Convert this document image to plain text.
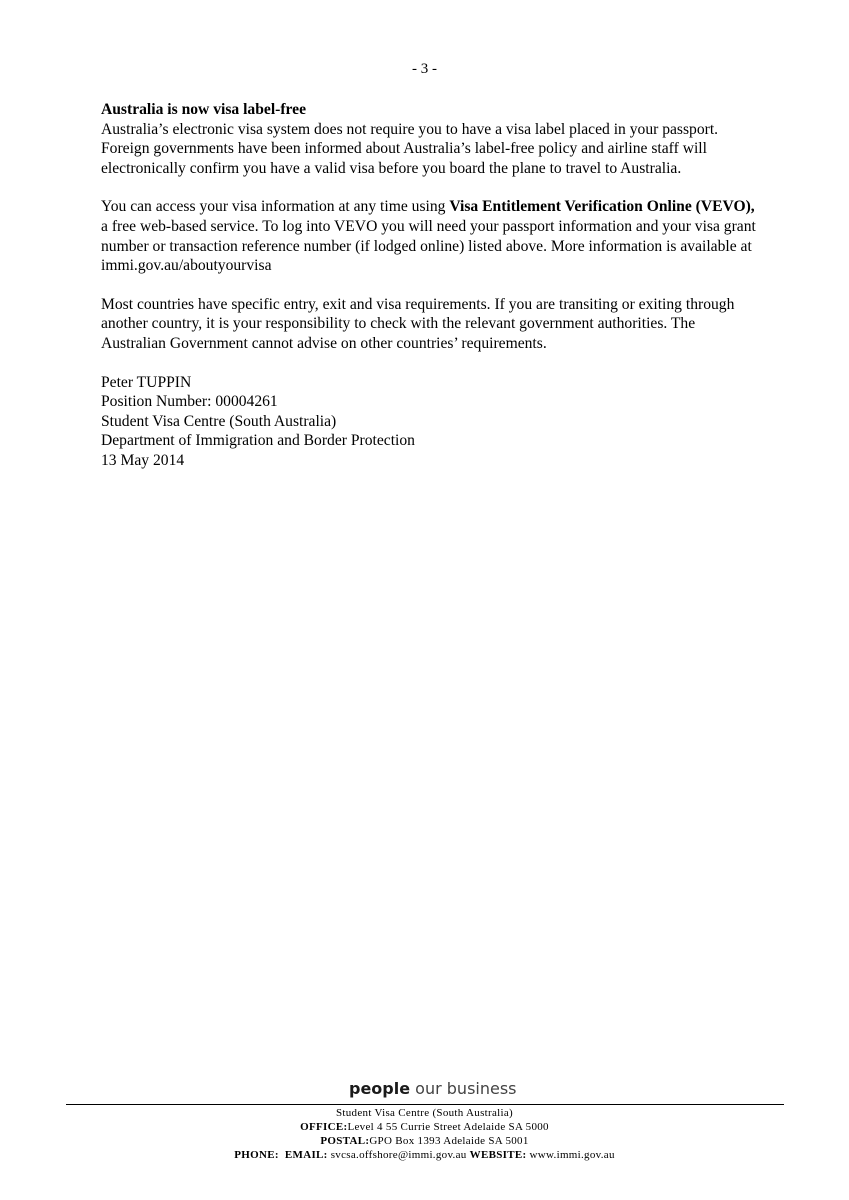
- 3 -

Australia is now visa label-free
Australia’s electronic visa system does not require you to have a visa label placed in your passport. Foreign governments have been informed about Australia’s label-free policy and airline staff will electronically confirm you have a valid visa before you board the plane to travel to Australia.

You can access your visa information at any time using Visa Entitlement Verification Online (VEVO), a free web-based service. To log into VEVO you will need your passport information and your visa grant number or transaction reference number (if lodged online) listed above. More information is available at immi.gov.au/aboutyourvisa

Most countries have specific entry, exit and visa requirements. If you are transiting or exiting through another country, it is your responsibility to check with the relevant government authorities. The Australian Government cannot advise on other countries’ requirements.

Peter TUPPIN
Position Number: 00004261
Student Visa Centre (South Australia)
Department of Immigration and Border Protection
13 May 2014
people our business
Student Visa Centre (South Australia)
OFFICE:Level 4 55 Currie Street Adelaide SA 5000
POSTAL:GPO Box 1393 Adelaide SA 5001
PHONE: EMAIL: svcsa.offshore@immi.gov.au WEBSITE: www.immi.gov.au
